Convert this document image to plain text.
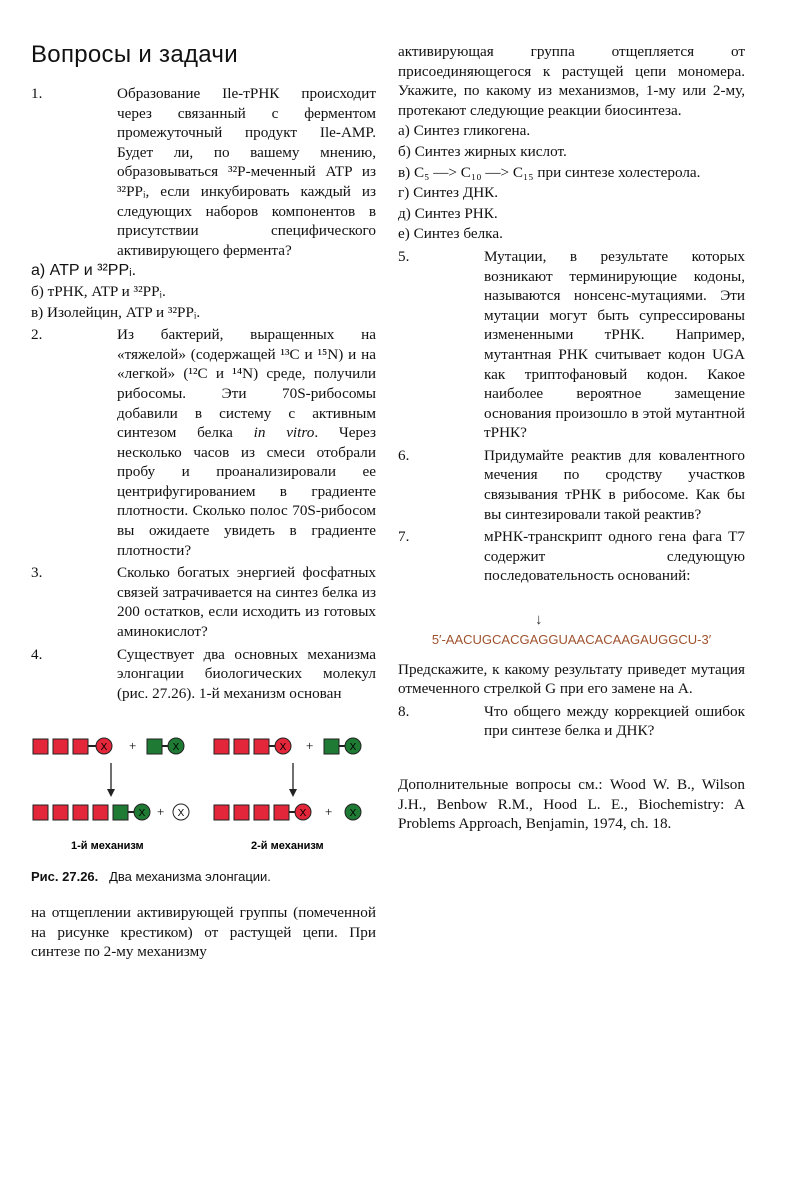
Вопросы и задачи
1.	Образование Ile-тРНК происходит через связанный с ферментом промежуточный продукт Ile-AMP. Будет ли, по вашему мнению, образовываться ³²P-меченный ATP из ³²PPᵢ, если инкубировать каждый из следующих наборов компонентов в присутствии специфического активирующего фермента?

а) ATP и ³²PPᵢ.
б) тРНК, ATP и ³²PPᵢ.
в) Изолейцин, ATP и ³²PPᵢ.
2.	Из бактерий, выращенных на «тяжелой» (содержащей ¹³C и ¹⁵N) и на «легкой» (¹²C и ¹⁴N) среде, получили рибосомы. Эти 70S-рибосомы добавили в систему с активным синтезом белка in vitro. Через несколько часов из смеси отобрали пробу и проанализировали ее центрифугированием в градиенте плотности. Сколько полос 70S-рибосом вы ожидаете увидеть в градиенте плотности?

3.	Сколько богатых энергией фосфатных связей затрачивается на синтез белка из 200 остатков, если исходить из готовых аминокислот?

4.	Существует два основных механизма элонгации биологических молекул (рис. 27.26). 1-й механизм основан

X +	X
X + X
1-й механизм
X +	X
X + X
2-й механизм

Рис. 27.26. Два механизма элонгации.

на отщеплении активирующей группы (помеченной на рисунке крестиком) от растущей цепи. При синтезе по 2-му механизму

активирующая группа отщепляется от присоединяющегося к растущей цепи мономера. Укажите, по какому из механизмов, 1-му или 2-му, протекают следующие реакции биосинтеза.

а) Синтез гликогена.
б) Синтез жирных кислот.
в) C₅ —> C₁₀ —> C₁₅ при синтезе холестерола.
г) Синтез ДНК.
д) Синтез РНК.
е) Синтез белка.
5.	Мутации, в результате которых возникают терминирующие кодоны, называются нонсенс-мутациями. Эти мутации могут быть супрессированы измененными тРНК. Например, мутантная РНК считывает кодон UGA как триптофановый кодон. Какое наиболее вероятное замещение основания произошло в этой мутантной тРНК?

6.	Придумайте реактив для ковалентного мечения по сродству участков связывания тРНК в рибосоме. Как бы вы синтезировали такой реактив?

7.	мРНК-транскрипт одного гена фага T7 содержит следующую последовательность оснований:

↓
5′-AACUGCACGAGGUAACACAAGAUGGCU-3′

Предскажите, к какому результату приведет мутация отмеченного стрелкой G при его замене на A.

8.	Что общего между коррекцией ошибок при синтезе белка и ДНК?

Дополнительные вопросы см.: Wood W. B., Wilson J.H., Benbow R.M., Hood L. E., Biochemistry: A Problems Approach, Benjamin, 1974, ch. 18.
